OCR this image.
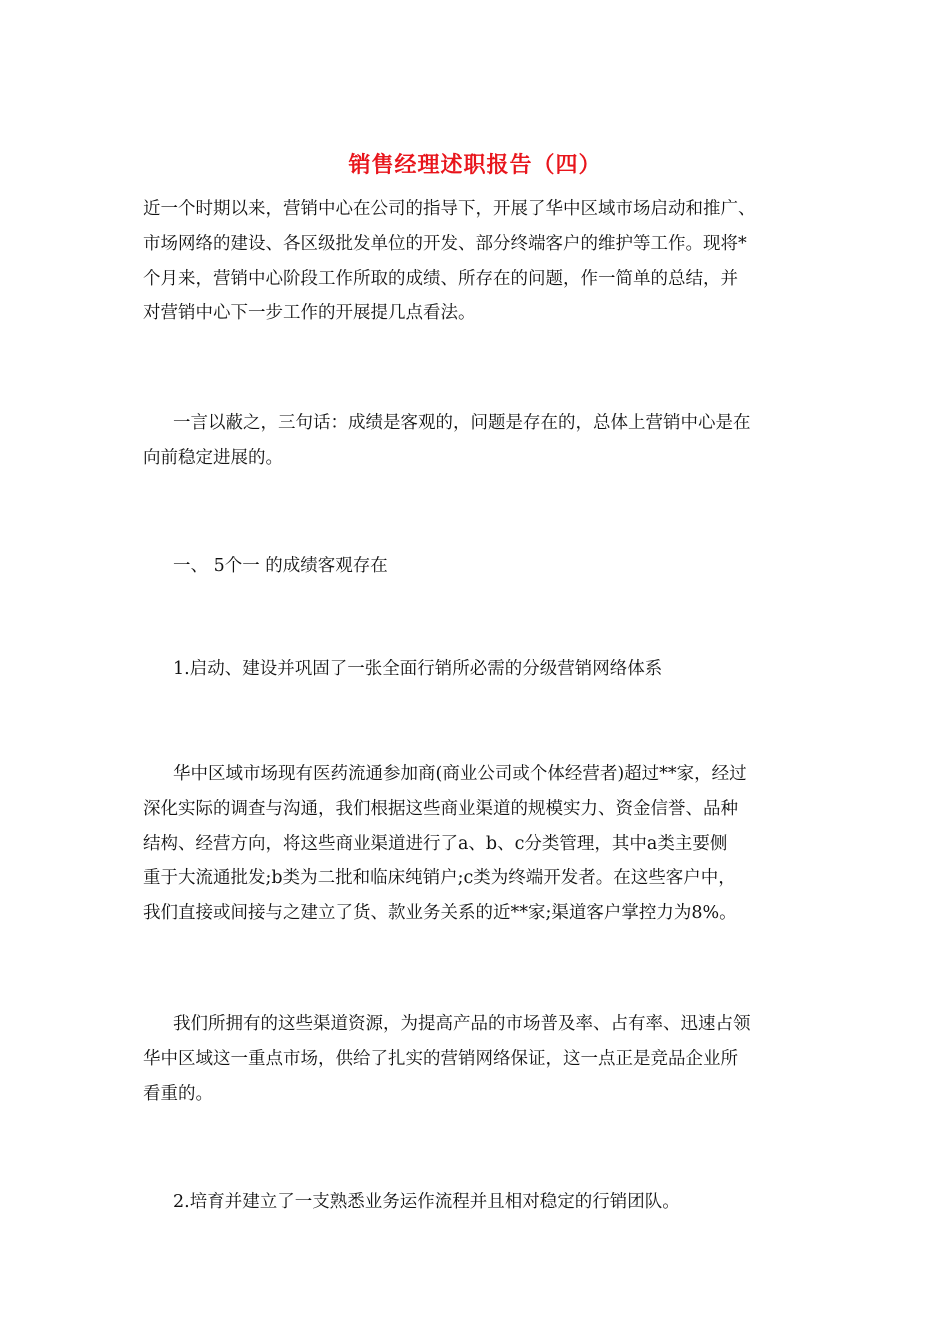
销售经理述职报告（四）
近一个时期以来，营销中心在公司的指导下，开展了华中区域市场启动和推广、
市场网络的建设、各区级批发单位的开发、部分终端客户的维护等工作。现将*
个月来，营销中心阶段工作所取的成绩、所存在的问题，作一简单的总结，并
对营销中心下一步工作的开展提几点看法。
一言以蔽之，三句话：成绩是客观的，问题是存在的，总体上营销中心是在
向前稳定进展的。
一、 5个一 的成绩客观存在
1.启动、建设并巩固了一张全面行销所必需的分级营销网络体系
华中区域市场现有医药流通参加商(商业公司或个体经营者)超过**家，经过
深化实际的调查与沟通，我们根据这些商业渠道的规模实力、资金信誉、品种
结构、经营方向，将这些商业渠道进行了a、b、c分类管理，其中a类主要侧
重于大流通批发;b类为二批和临床纯销户;c类为终端开发者。在这些客户中，
我们直接或间接与之建立了货、款业务关系的近**家;渠道客户掌控力为8%。
我们所拥有的这些渠道资源，为提高产品的市场普及率、占有率、迅速占领
华中区域这一重点市场，供给了扎实的营销网络保证，这一点正是竞品企业所
看重的。
2.培育并建立了一支熟悉业务运作流程并且相对稳定的行销团队。
